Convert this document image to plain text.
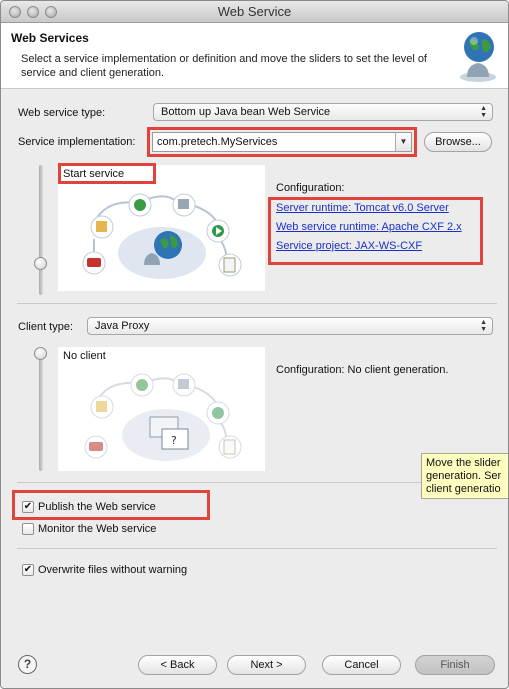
Web Service
Web Services
Select a service implementation or definition and move the sliders to set the level of service and client generation.
Web service type:	Bottom up Java bean Web Service	▲
▼
Service implementation:	com.pretech.MyServices	▼	Browse...
Start service
Configuration:
Server runtime: Tomcat v6.0 Server
Web service runtime: Apache CXF 2.x
Service project: JAX-WS-CXF
Client type:	Java Proxy	▲
▼
?
No client
Configuration: No client generation.
Move the slider
generation. Ser
client generatio
✔ Publish the Web service
Monitor the Web service
✔ Overwrite files without warning
?	< Back	Next >	Cancel	Finish
